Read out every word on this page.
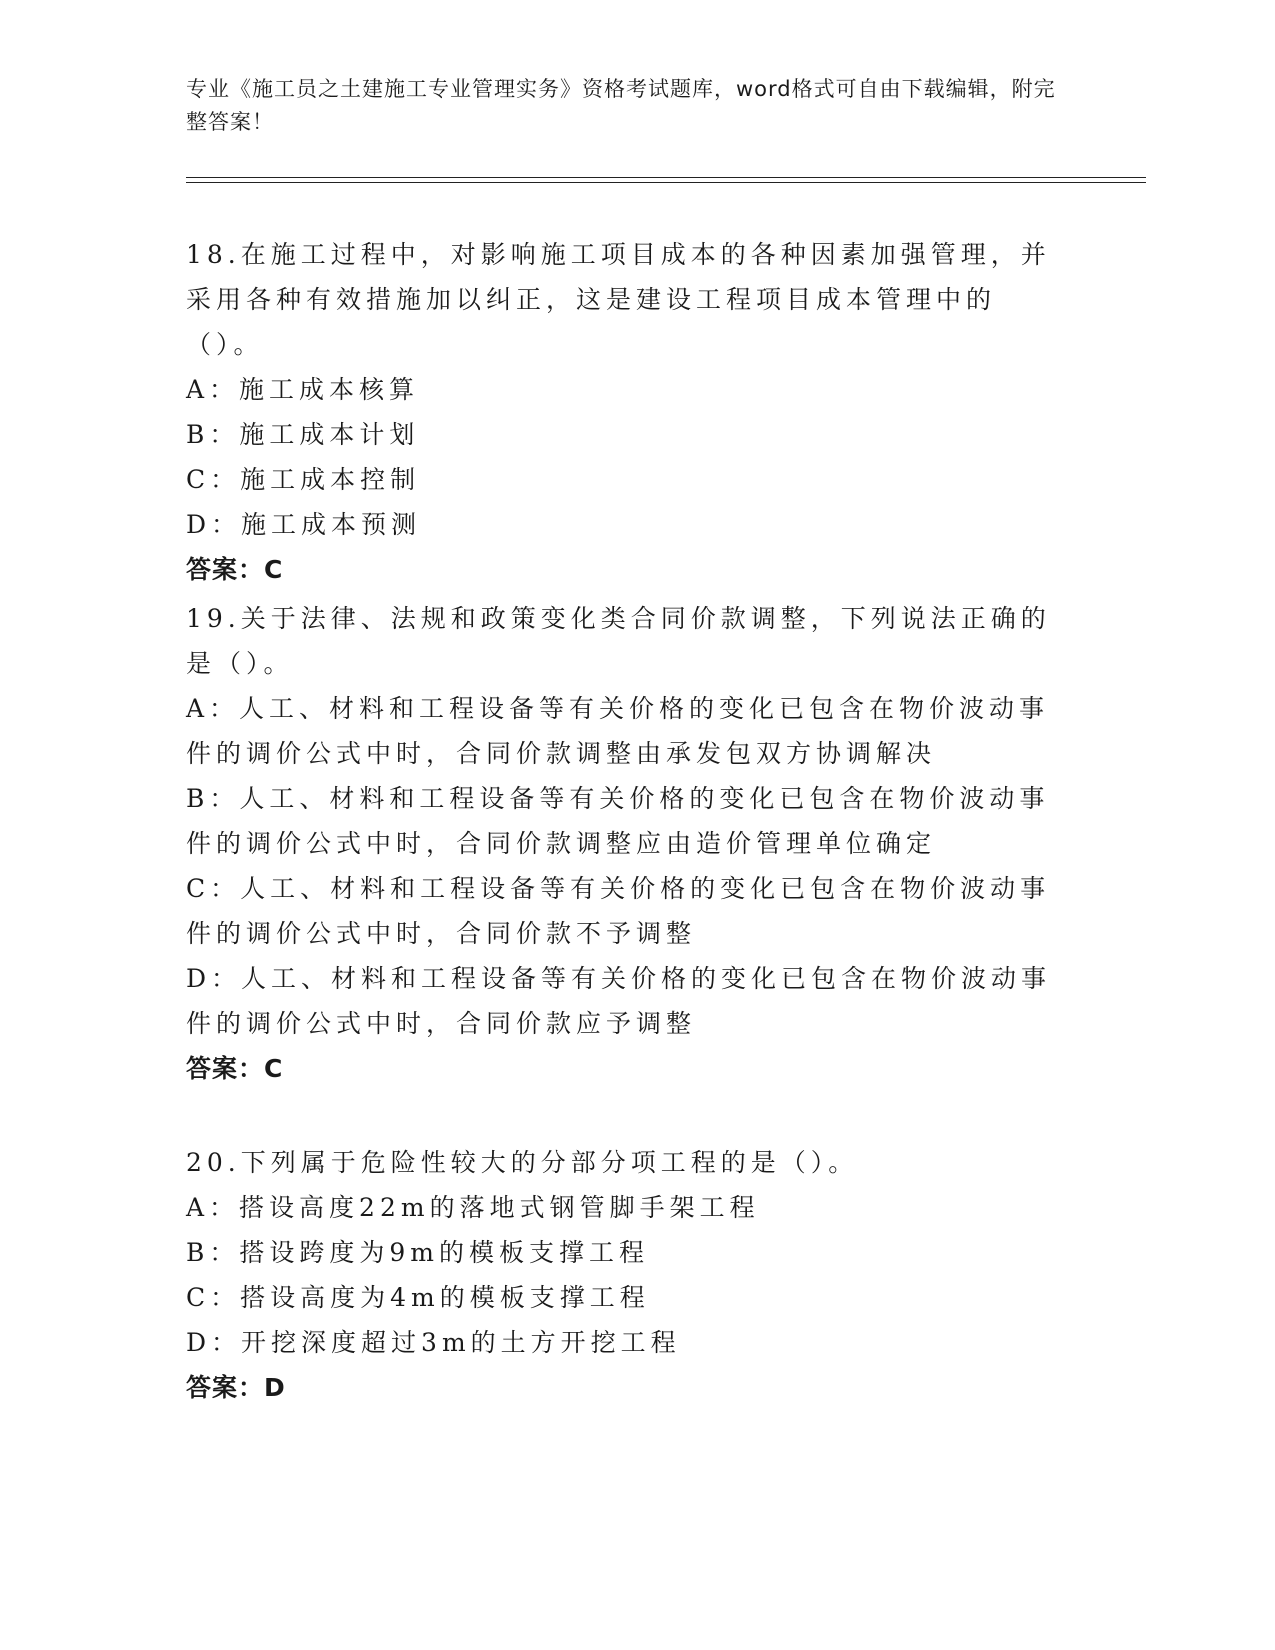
专业《施工员之土建施工专业管理实务》资格考试题库，word格式可自由下载编辑，附完整答案！

18.在施工过程中，对影响施工项目成本的各种因素加强管理，并采用各种有效措施加以纠正，这是建设工程项目成本管理中的（）。

A：施工成本核算

B：施工成本计划

C：施工成本控制

D：施工成本预测

答案：C

19.关于法律、法规和政策变化类合同价款调整，下列说法正确的是（）。

A：人工、材料和工程设备等有关价格的变化已包含在物价波动事件的调价公式中时，合同价款调整由承发包双方协调解决

B：人工、材料和工程设备等有关价格的变化已包含在物价波动事件的调价公式中时，合同价款调整应由造价管理单位确定

C：人工、材料和工程设备等有关价格的变化已包含在物价波动事件的调价公式中时，合同价款不予调整

D：人工、材料和工程设备等有关价格的变化已包含在物价波动事件的调价公式中时，合同价款应予调整

答案：C

20.下列属于危险性较大的分部分项工程的是（）。

A：搭设高度22m的落地式钢管脚手架工程

B：搭设跨度为9m的模板支撑工程

C：搭设高度为4m的模板支撑工程

D：开挖深度超过3m的土方开挖工程

答案：D
